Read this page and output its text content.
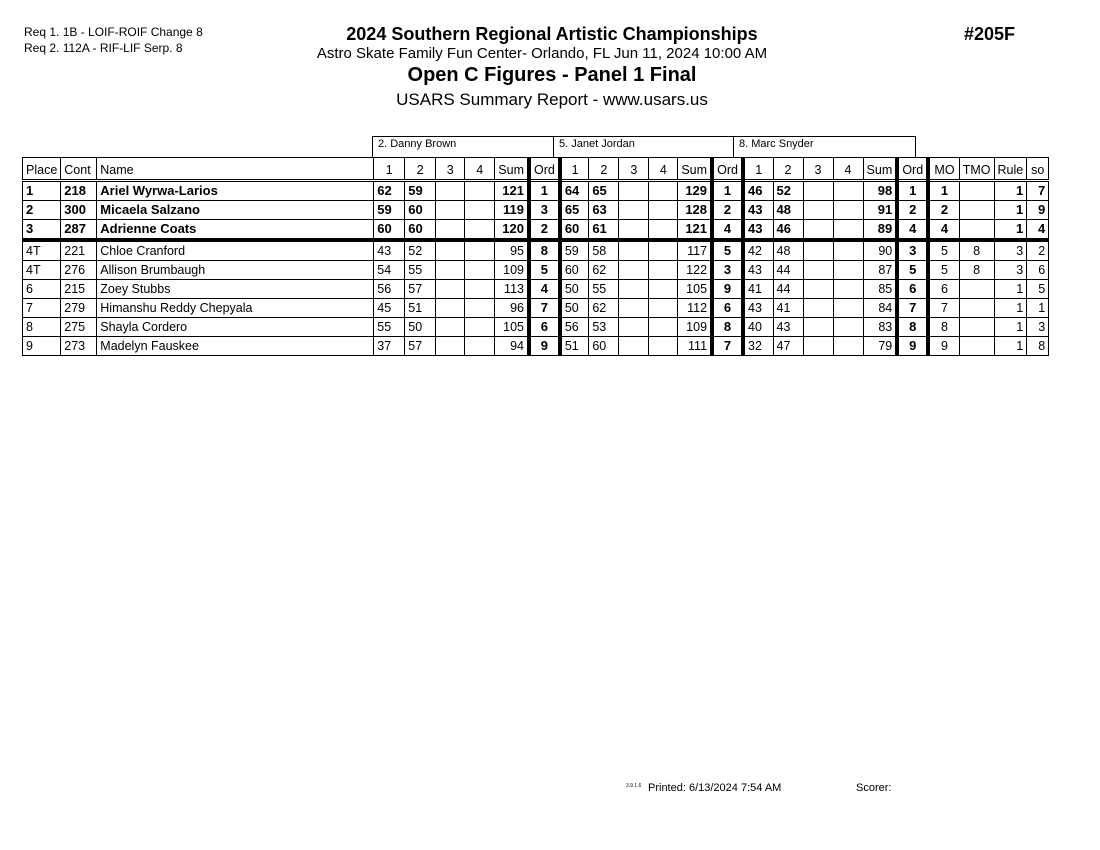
Req 1. 1B - LOIF-ROIF Change 8
Req 2. 112A - RIF-LIF Serp. 8
2024 Southern Regional Artistic Championships
Astro Skate Family Fun Center- Orlando, FL Jun 11, 2024 10:00 AM
Open C Figures - Panel 1 Final
USARS Summary Report - www.usars.us
#205F
2. Danny Brown	5. Janet Jordan	8. Marc Snyder
Place	Cont	Name	1	2	3	4	Sum	Ord	1	2	3	4	Sum	Ord	1	2	3	4	Sum	Ord	MO	TMO	Rule	so
1	218	Ariel Wyrwa-Larios	62	59			121	1	64	65			129	1	46	52			98	1	1		1	7
2	300	Micaela Salzano	59	60			119	3	65	63			128	2	43	48			91	2	2		1	9
3	287	Adrienne Coats	60	60			120	2	60	61			121	4	43	46			89	4	4		1	4
4T	221	Chloe Cranford	43	52			95	8	59	58			117	5	42	48			90	3	5	8	3	2
4T	276	Allison Brumbaugh	54	55			109	5	60	62			122	3	43	44			87	5	5	8	3	6
6	215	Zoey Stubbs	56	57			113	4	50	55			105	9	41	44			85	6	6		1	5
7	279	Himanshu Reddy Chepyala	45	51			96	7	50	62			112	6	43	41			84	7	7		1	1
8	275	Shayla Cordero	55	50			105	6	56	53			109	8	40	43			83	8	8		1	3
9	273	Madelyn Fauskee	37	57			94	9	51	60			111	7	32	47			79	9	9		1	8
3.9.1.6 Printed: 6/13/2024 7:54 AM	Scorer:
